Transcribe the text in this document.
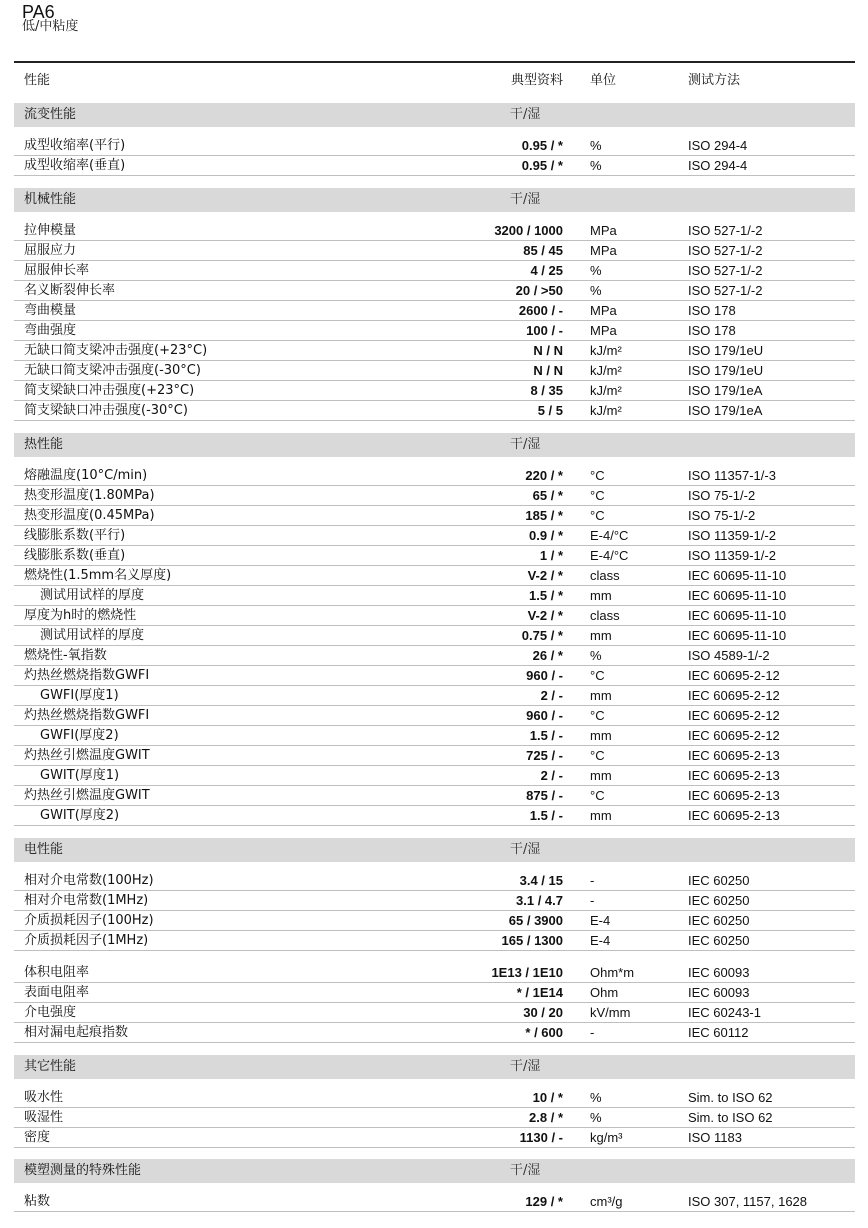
PA6
低/中粘度
性能	典型资料 单位	测试方法
流变性能	干/湿
成型收缩率(平行)	0.95 / * %	ISO 294-4
成型收缩率(垂直)	0.95 / * %	ISO 294-4
机械性能	干/湿
拉伸模量	3200 / 1000 MPa	ISO 527-1/-2
屈服应力	85 / 45 MPa	ISO 527-1/-2
屈服伸长率	4 / 25 %	ISO 527-1/-2
名义断裂伸长率	20 / >50 %	ISO 527-1/-2
弯曲模量	2600 / - MPa	ISO 178
弯曲强度	100 / - MPa	ISO 178
无缺口简支梁冲击强度(+23°C)	N / N kJ/m²	ISO 179/1eU
无缺口简支梁冲击强度(-30°C)	N / N kJ/m²	ISO 179/1eU
简支梁缺口冲击强度(+23°C)	8 / 35 kJ/m²	ISO 179/1eA
简支梁缺口冲击强度(-30°C)	5 / 5 kJ/m²	ISO 179/1eA
热性能	干/湿
熔融温度(10°C/min)	220 / * °C	ISO 11357-1/-3
热变形温度(1.80MPa)	65 / * °C	ISO 75-1/-2
热变形温度(0.45MPa)	185 / * °C	ISO 75-1/-2
线膨胀系数(平行)	0.9 / * E-4/°C	ISO 11359-1/-2
线膨胀系数(垂直)	1 / * E-4/°C	ISO 11359-1/-2
燃烧性(1.5mm名义厚度)	V-2 / * class	IEC 60695-11-10
测试用试样的厚度	1.5 / * mm	IEC 60695-11-10
厚度为h时的燃烧性	V-2 / * class	IEC 60695-11-10
测试用试样的厚度	0.75 / * mm	IEC 60695-11-10
燃烧性-氧指数	26 / * %	ISO 4589-1/-2
灼热丝燃烧指数GWFI	960 / - °C	IEC 60695-2-12
GWFI(厚度1)	2 / - mm	IEC 60695-2-12
灼热丝燃烧指数GWFI	960 / - °C	IEC 60695-2-12
GWFI(厚度2)	1.5 / - mm	IEC 60695-2-12
灼热丝引燃温度GWIT	725 / - °C	IEC 60695-2-13
GWIT(厚度1)	2 / - mm	IEC 60695-2-13
灼热丝引燃温度GWIT	875 / - °C	IEC 60695-2-13
GWIT(厚度2)	1.5 / - mm	IEC 60695-2-13
电性能	干/湿
相对介电常数(100Hz)	3.4 / 15 -	IEC 60250
相对介电常数(1MHz)	3.1 / 4.7 -	IEC 60250
介质损耗因子(100Hz)	65 / 3900 E-4	IEC 60250
介质损耗因子(1MHz)	165 / 1300 E-4	IEC 60250
体积电阻率	1E13 / 1E10 Ohm*m	IEC 60093
表面电阻率	* / 1E14 Ohm	IEC 60093
介电强度	30 / 20 kV/mm	IEC 60243-1
相对漏电起痕指数	* / 600 -	IEC 60112
其它性能	干/湿
吸水性	10 / * %	Sim. to ISO 62
吸湿性	2.8 / * %	Sim. to ISO 62
密度	1130 / - kg/m³	ISO 1183
模塑测量的特殊性能	干/湿
粘数	129 / * cm³/g	ISO 307, 1157, 1628
